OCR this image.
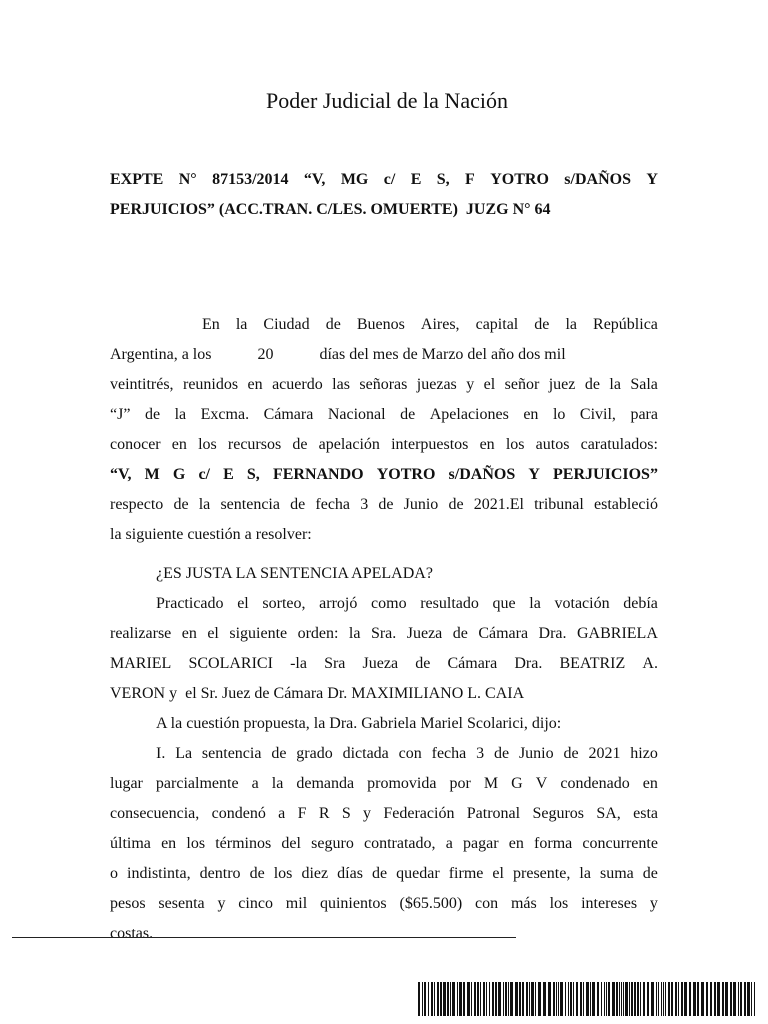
Poder Judicial de la Nación
EXPTE N° 87153/2014 “V, MG c/ E S, F YOTRO s/DAÑOS Y
PERJUICIOS” (ACC.TRAN. C/LES. OMUERTE)  JUZG N° 64
En la Ciudad de Buenos Aires, capital de la República
Argentina, a los	20	días del mes de Marzo del año dos mil
veintitrés, reunidos en acuerdo las señoras juezas y el señor juez de la Sala
“J” de la Excma. Cámara Nacional de Apelaciones en lo Civil, para
conocer en los recursos de apelación interpuestos en los autos caratulados:
“V, M G c/ E S, FERNANDO YOTRO s/DAÑOS Y PERJUICIOS”
respecto de la sentencia de fecha 3 de Junio de 2021.El tribunal estableció
la siguiente cuestión a resolver:
¿ES JUSTA LA SENTENCIA APELADA?
Practicado el sorteo, arrojó como resultado que la votación debía
realizarse en el siguiente orden: la Sra. Jueza de Cámara Dra. GABRIELA
MARIEL SCOLARICI -la Sra Jueza de Cámara Dra. BEATRIZ A.
VERON y  el Sr. Juez de Cámara Dr. MAXIMILIANO L. CAIA
A la cuestión propuesta, la Dra. Gabriela Mariel Scolarici, dijo:
I. La sentencia de grado dictada con fecha 3 de Junio de 2021 hizo
lugar parcialmente a la demanda promovida por M G V condenado en
consecuencia, condenó a F R S y Federación Patronal Seguros SA, esta
última en los términos del seguro contratado, a pagar en forma concurrente
o indistinta, dentro de los diez días de quedar firme el presente, la suma de
pesos sesenta y cinco mil quinientos ($65.500) con más los intereses y
costas.
